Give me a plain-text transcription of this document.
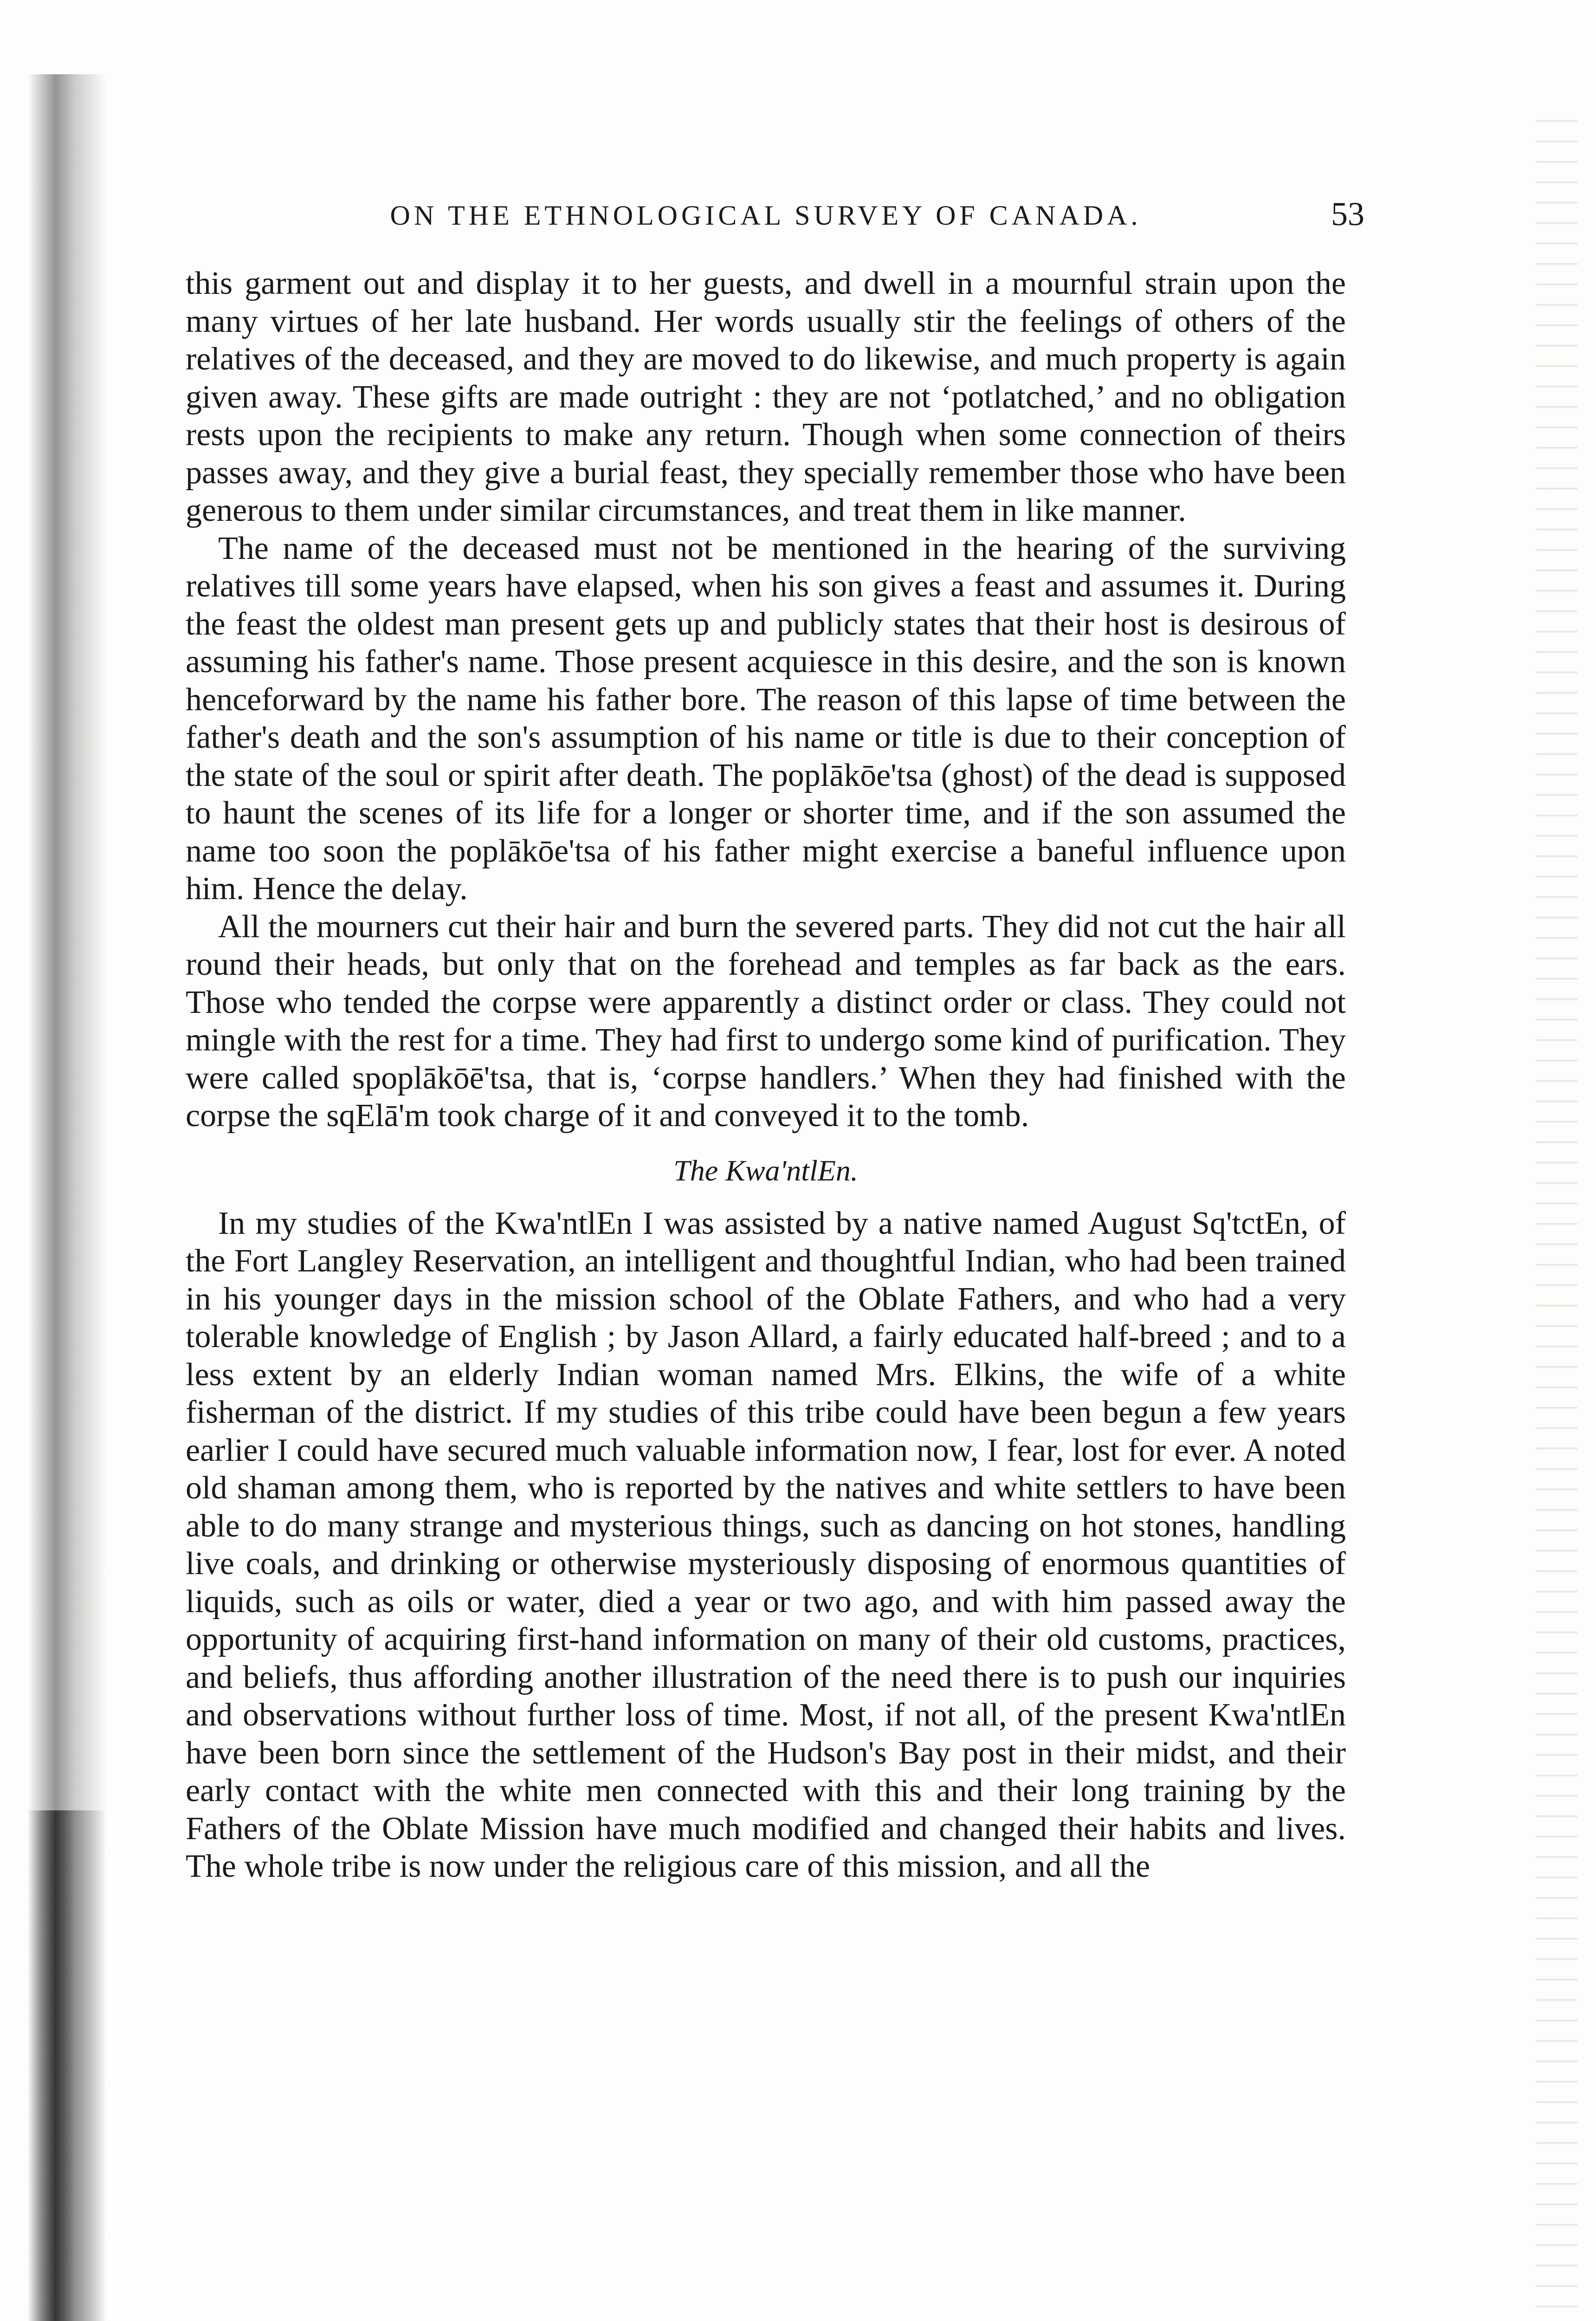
ON THE ETHNOLOGICAL SURVEY OF CANADA.	53

this garment out and display it to her guests, and dwell in a mournful strain upon the many virtues of her late husband. Her words usually stir the feelings of others of the relatives of the deceased, and they are moved to do likewise, and much property is again given away. These gifts are made outright : they are not ‘potlatched,’ and no obligation rests upon the recipients to make any return. Though when some connection of theirs passes away, and they give a burial feast, they specially remember those who have been generous to them under similar circumstances, and treat them in like manner.

The name of the deceased must not be mentioned in the hearing of the surviving relatives till some years have elapsed, when his son gives a feast and assumes it. During the feast the oldest man present gets up and publicly states that their host is desirous of assuming his father's name. Those present acquiesce in this desire, and the son is known henceforward by the name his father bore. The reason of this lapse of time between the father's death and the son's assumption of his name or title is due to their conception of the state of the soul or spirit after death. The poplākōe'tsa (ghost) of the dead is supposed to haunt the scenes of its life for a longer or shorter time, and if the son assumed the name too soon the poplākōe'tsa of his father might exercise a baneful influence upon him. Hence the delay.

All the mourners cut their hair and burn the severed parts. They did not cut the hair all round their heads, but only that on the forehead and temples as far back as the ears. Those who tended the corpse were apparently a distinct order or class. They could not mingle with the rest for a time. They had first to undergo some kind of purification. They were called spoplākōē'tsa, that is, ‘corpse handlers.’ When they had finished with the corpse the sqElā'm took charge of it and conveyed it to the tomb.

The Kwa'ntlEn.

In my studies of the Kwa'ntlEn I was assisted by a native named August Sq'tctEn, of the Fort Langley Reservation, an intelligent and thoughtful Indian, who had been trained in his younger days in the mission school of the Oblate Fathers, and who had a very tolerable knowledge of English ; by Jason Allard, a fairly educated half-breed ; and to a less extent by an elderly Indian woman named Mrs. Elkins, the wife of a white fisherman of the district. If my studies of this tribe could have been begun a few years earlier I could have secured much valuable information now, I fear, lost for ever. A noted old shaman among them, who is reported by the natives and white settlers to have been able to do many strange and mysterious things, such as dancing on hot stones, handling live coals, and drinking or otherwise mysteriously disposing of enormous quantities of liquids, such as oils or water, died a year or two ago, and with him passed away the opportunity of acquiring first-hand information on many of their old customs, practices, and beliefs, thus affording another illustration of the need there is to push our inquiries and observations without further loss of time. Most, if not all, of the present Kwa'ntlEn have been born since the settlement of the Hudson's Bay post in their midst, and their early contact with the white men connected with this and their long training by the Fathers of the Oblate Mission have much modified and changed their habits and lives. The whole tribe is now under the religious care of this mission, and all the
